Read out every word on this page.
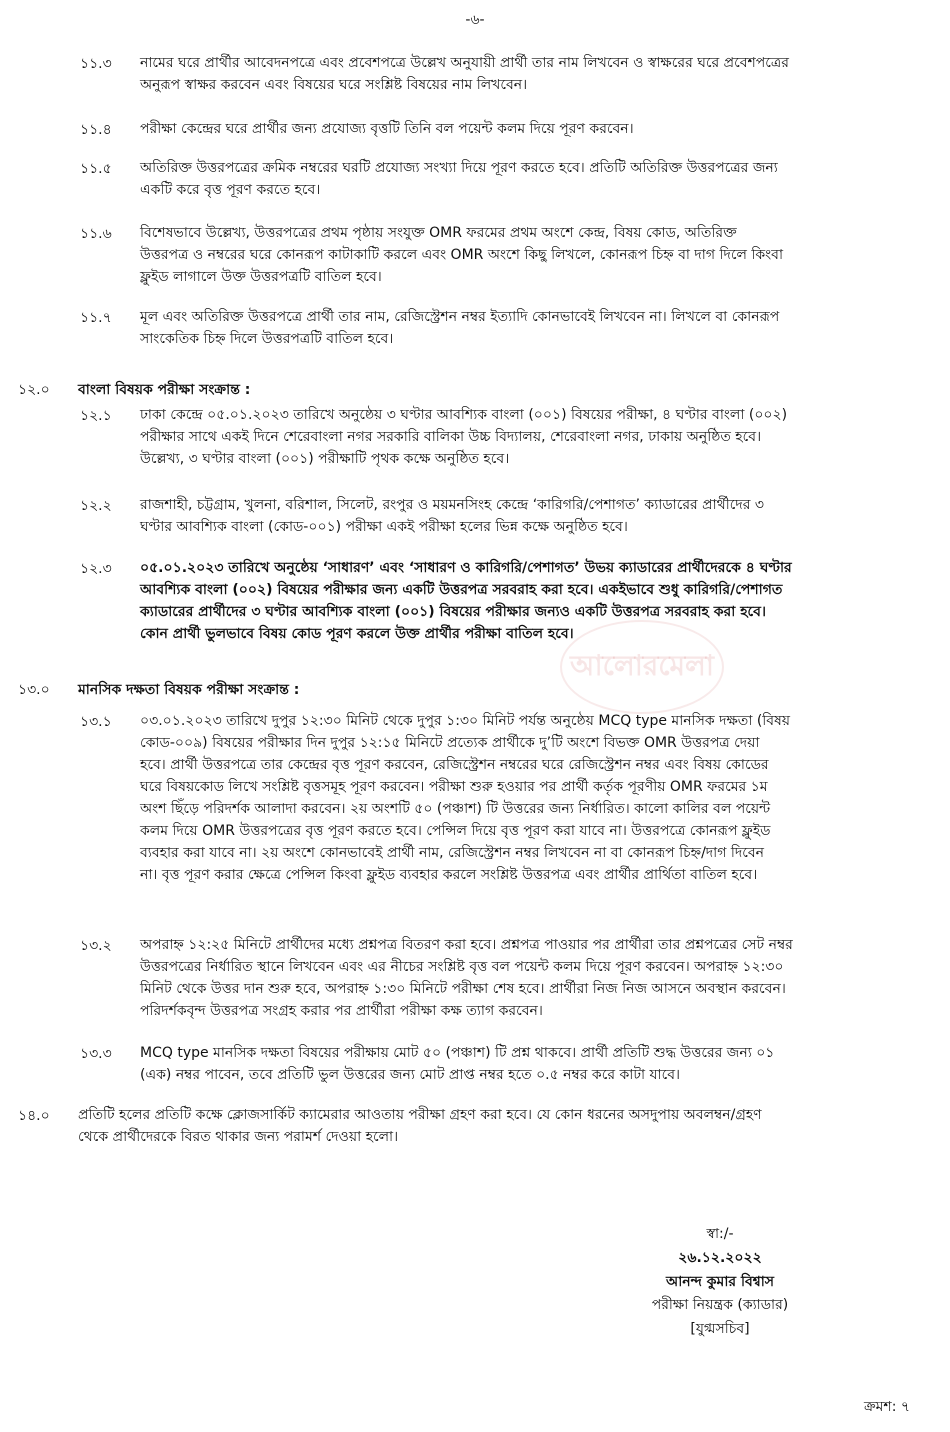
-৬-
১১.৩ নামের ঘরে প্রার্থীর আবেদনপত্রে এবং প্রবেশপত্রে উল্লেখ অনুযায়ী প্রার্থী তার নাম লিখবেন ও স্বাক্ষরের ঘরে প্রবেশপত্রের
অনুরূপ স্বাক্ষর করবেন এবং বিষয়ের ঘরে সংশ্লিষ্ট বিষয়ের নাম লিখবেন।
১১.৪ পরীক্ষা কেন্দ্রের ঘরে প্রার্থীর জন্য প্রযোজ্য বৃত্তটি তিনি বল পয়েন্ট কলম দিয়ে পূরণ করবেন।
১১.৫ অতিরিক্ত উত্তরপত্রের ক্রমিক নম্বরের ঘরটি প্রযোজ্য সংখ্যা দিয়ে পূরণ করতে হবে। প্রতিটি অতিরিক্ত উত্তরপত্রের জন্য
একটি করে বৃত্ত পূরণ করতে হবে।
১১.৬ বিশেষভাবে উল্লেখ্য, উত্তরপত্রের প্রথম পৃষ্ঠায় সংযুক্ত OMR ফরমের প্রথম অংশে কেন্দ্র, বিষয় কোড, অতিরিক্ত
উত্তরপত্র ও নম্বরের ঘরে কোনরূপ কাটাকাটি করলে এবং OMR অংশে কিছু লিখলে, কোনরূপ চিহ্ন বা দাগ দিলে কিংবা
ফ্লুইড লাগালে উক্ত উত্তরপত্রটি বাতিল হবে।
১১.৭ মূল এবং অতিরিক্ত উত্তরপত্রে প্রার্থী তার নাম, রেজিস্ট্রেশন নম্বর ইত্যাদি কোনভাবেই লিখবেন না। লিখলে বা কোনরূপ
সাংকেতিক চিহ্ন দিলে উত্তরপত্রটি বাতিল হবে।
১২.০ বাংলা বিষয়ক পরীক্ষা সংক্রান্ত :
১২.১ ঢাকা কেন্দ্রে ০৫.০১.২০২৩ তারিখে অনুষ্ঠেয় ৩ ঘণ্টার আবশ্যিক বাংলা (০০১) বিষয়ের পরীক্ষা, ৪ ঘণ্টার বাংলা (০০২)
পরীক্ষার সাথে একই দিনে শেরেবাংলা নগর সরকারি বালিকা উচ্চ বিদ্যালয়, শেরেবাংলা নগর, ঢাকায় অনুষ্ঠিত হবে।
উল্লেখ্য, ৩ ঘণ্টার বাংলা (০০১) পরীক্ষাটি পৃথক কক্ষে অনুষ্ঠিত হবে।
১২.২ রাজশাহী, চট্টগ্রাম, খুলনা, বরিশাল, সিলেট, রংপুর ও ময়মনসিংহ কেন্দ্রে ‘কারিগরি/পেশাগত’ ক্যাডারের প্রার্থীদের ৩
ঘণ্টার আবশ্যিক বাংলা (কোড-০০১) পরীক্ষা একই পরীক্ষা হলের ভিন্ন কক্ষে অনুষ্ঠিত হবে।
১২.৩ ০৫.০১.২০২৩ তারিখে অনুষ্ঠেয় ‘সাধারণ’ এবং ‘সাধারণ ও কারিগরি/পেশাগত’ উভয় ক্যাডারের প্রার্থীদেরকে ৪ ঘণ্টার
আবশ্যিক বাংলা (০০২) বিষয়ের পরীক্ষার জন্য একটি উত্তরপত্র সরবরাহ করা হবে। একইভাবে শুধু কারিগরি/পেশাগত
ক্যাডারের প্রার্থীদের ৩ ঘণ্টার আবশ্যিক বাংলা (০০১) বিষয়ের পরীক্ষার জন্যও একটি উত্তরপত্র সরবরাহ করা হবে।
কোন প্রার্থী ভুলভাবে বিষয় কোড পূরণ করলে উক্ত প্রার্থীর পরীক্ষা বাতিল হবে।
আলোরমেলা
১৩.০ মানসিক দক্ষতা বিষয়ক পরীক্ষা সংক্রান্ত :
১৩.১ ০৩.০১.২০২৩ তারিখে দুপুর ১২:৩০ মিনিট থেকে দুপুর ১:৩০ মিনিট পর্যন্ত অনুষ্ঠেয় MCQ type মানসিক দক্ষতা (বিষয়
কোড-০০৯) বিষয়ের পরীক্ষার দিন দুপুর ১২:১৫ মিনিটে প্রত্যেক প্রার্থীকে দু’টি অংশে বিভক্ত OMR উত্তরপত্র দেয়া
হবে। প্রার্থী উত্তরপত্রে তার কেন্দ্রের বৃত্ত পূরণ করবেন, রেজিস্ট্রেশন নম্বরের ঘরে রেজিস্ট্রেশন নম্বর এবং বিষয় কোডের
ঘরে বিষয়কোড লিখে সংশ্লিষ্ট বৃত্তসমূহ পূরণ করবেন। পরীক্ষা শুরু হওয়ার পর প্রার্থী কর্তৃক পূরণীয় OMR ফরমের ১ম
অংশ ছিঁড়ে পরিদর্শক আলাদা করবেন। ২য় অংশটি ৫০ (পঞ্চাশ) টি উত্তরের জন্য নির্ধারিত। কালো কালির বল পয়েন্ট
কলম দিয়ে OMR উত্তরপত্রের বৃত্ত পূরণ করতে হবে। পেন্সিল দিয়ে বৃত্ত পূরণ করা যাবে না। উত্তরপত্রে কোনরূপ ফ্লুইড
ব্যবহার করা যাবে না। ২য় অংশে কোনভাবেই প্রার্থী নাম, রেজিস্ট্রেশন নম্বর লিখবেন না বা কোনরূপ চিহ্ন/দাগ দিবেন
না। বৃত্ত পূরণ করার ক্ষেত্রে পেন্সিল কিংবা ফ্লুইড ব্যবহার করলে সংশ্লিষ্ট উত্তরপত্র এবং প্রার্থীর প্রার্থিতা বাতিল হবে।
১৩.২ অপরাহ্ন ১২:২৫ মিনিটে প্রার্থীদের মধ্যে প্রশ্নপত্র বিতরণ করা হবে। প্রশ্নপত্র পাওয়ার পর প্রার্থীরা তার প্রশ্নপত্রের সেট নম্বর
উত্তরপত্রের নির্ধারিত স্থানে লিখবেন এবং এর নীচের সংশ্লিষ্ট বৃত্ত বল পয়েন্ট কলম দিয়ে পূরণ করবেন। অপরাহ্ন ১২:৩০
মিনিট থেকে উত্তর দান শুরু হবে, অপরাহ্ন ১:৩০ মিনিটে পরীক্ষা শেষ হবে। প্রার্থীরা নিজ নিজ আসনে অবস্থান করবেন।
পরিদর্শকবৃন্দ উত্তরপত্র সংগ্রহ করার পর প্রার্থীরা পরীক্ষা কক্ষ ত্যাগ করবেন।
১৩.৩ MCQ type মানসিক দক্ষতা বিষয়ের পরীক্ষায় মোট ৫০ (পঞ্চাশ) টি প্রশ্ন থাকবে। প্রার্থী প্রতিটি শুদ্ধ উত্তরের জন্য ০১
(এক) নম্বর পাবেন, তবে প্রতিটি ভুল উত্তরের জন্য মোট প্রাপ্ত নম্বর হতে ০.৫ নম্বর করে কাটা যাবে।
১৪.০ প্রতিটি হলের প্রতিটি কক্ষে ক্লোজসার্কিট ক্যামেরার আওতায় পরীক্ষা গ্রহণ করা হবে। যে কোন ধরনের অসদুপায় অবলম্বন/গ্রহণ
থেকে প্রার্থীদেরকে বিরত থাকার জন্য পরামর্শ দেওয়া হলো।
স্বা:/-
২৬.১২.২০২২
আনন্দ কুমার বিশ্বাস
পরীক্ষা নিয়ন্ত্রক (ক্যাডার)
[যুগ্মসচিব]
ক্রমশ: ৭
